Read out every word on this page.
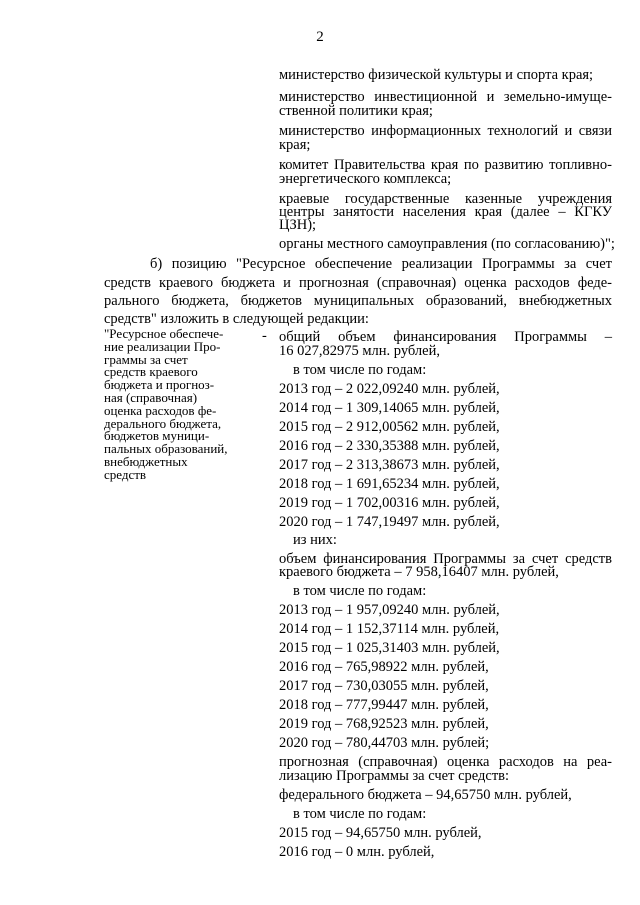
2

министерство физической культуры и спорта края;

министерство инвестиционной и земельно-имуще-

ственной политики края;

министерство информационных технологий и связи

края;

комитет Правительства края по развитию топливно-

энергетического комплекса;

краевые государственные казенные учреждения

центры занятости населения края (далее – КГКУ

ЦЗН);

органы местного самоуправления (по согласованию)";

б) позицию "Ресурсное обеспечение реализации Программы за счет

средств краевого бюджета и прогнозная (справочная) оценка расходов феде-

рального бюджета, бюджетов муниципальных образований, внебюджетных

средств" изложить в следующей редакции:

"Ресурсное обеспече-
ние реализации Про-
граммы за счет
средств краевого
бюджета и прогноз-
ная (справочная)
оценка расходов фе-
дерального бюджета,
бюджетов муници-
пальных образований,
внебюджетных
средств
- общий объем финансирования Программы –

16 027,82975 млн. рублей,

в том числе по годам:

2013 год – 2 022,09240 млн. рублей,

2014 год – 1 309,14065 млн. рублей,

2015 год – 2 912,00562 млн. рублей,

2016 год – 2 330,35388 млн. рублей,

2017 год – 2 313,38673 млн. рублей,

2018 год – 1 691,65234 млн. рублей,

2019 год – 1 702,00316 млн. рублей,

2020 год – 1 747,19497 млн. рублей,

из них:

объем финансирования Программы за счет средств

краевого бюджета – 7 958,16407 млн. рублей,

в том числе по годам:

2013 год – 1 957,09240 млн. рублей,

2014 год – 1 152,37114 млн. рублей,

2015 год – 1 025,31403 млн. рублей,

2016 год – 765,98922 млн. рублей,

2017 год – 730,03055 млн. рублей,

2018 год – 777,99447 млн. рублей,

2019 год – 768,92523 млн. рублей,

2020 год – 780,44703 млн. рублей;

прогнозная (справочная) оценка расходов на реа-

лизацию Программы за счет средств:

федерального бюджета – 94,65750 млн. рублей,

в том числе по годам:

2015 год – 94,65750 млн. рублей,

2016 год – 0 млн. рублей,
